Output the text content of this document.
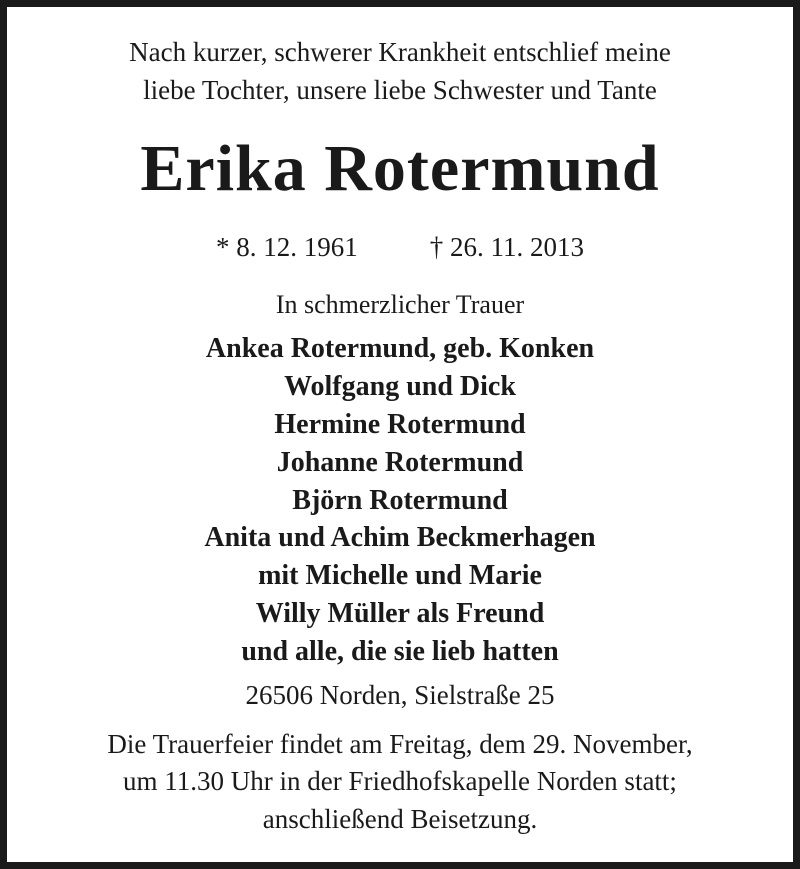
Nach kurzer, schwerer Krankheit entschlief meine
liebe Tochter, unsere liebe Schwester und Tante
Erika Rotermund
* 8. 12. 1961	† 26. 11. 2013
In schmerzlicher Trauer
Ankea Rotermund, geb. Konken
Wolfgang und Dick
Hermine Rotermund
Johanne Rotermund
Björn Rotermund
Anita und Achim Beckmerhagen
mit Michelle und Marie
Willy Müller als Freund
und alle, die sie lieb hatten
26506 Norden, Sielstraße 25
Die Trauerfeier findet am Freitag, dem 29. November,
um 11.30 Uhr in der Friedhofskapelle Norden statt;
anschließend Beisetzung.
